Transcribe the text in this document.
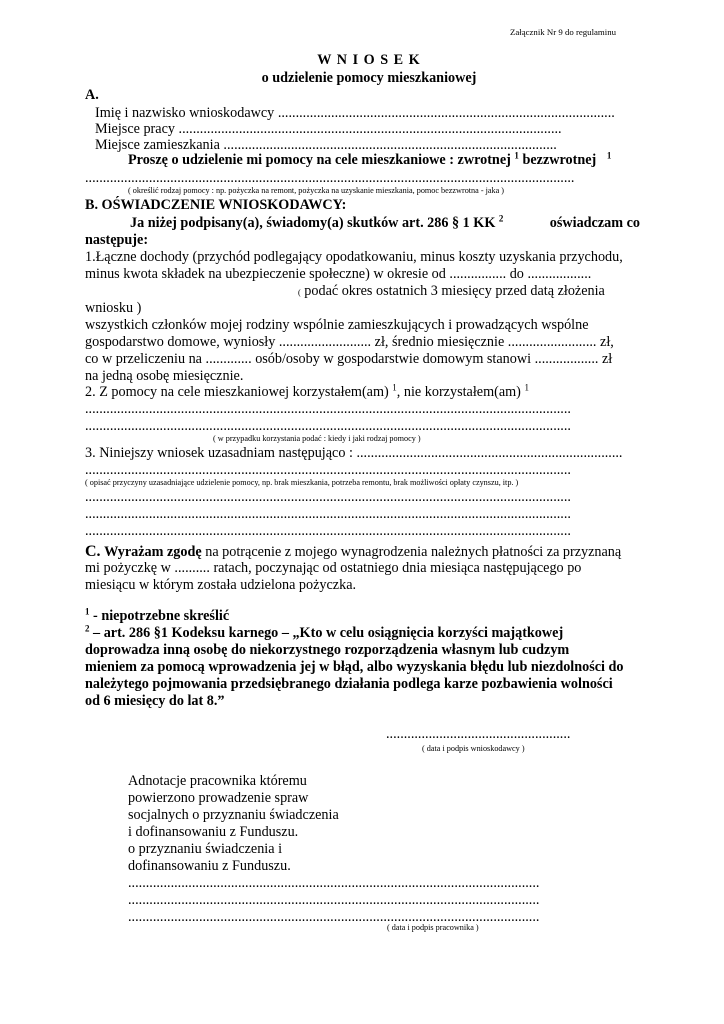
Załącznik Nr 9 do regulaminu
W N I O S E K
o udzielenie pomocy mieszkaniowej
A.
Imię i nazwisko wnioskodawcy ...............................................................................................
Miejsce pracy ............................................................................................................
Miejsce zamieszkania ..............................................................................................
Proszę o udzielenie mi pomocy na cele mieszkaniowe : zwrotnej $^1$ bezzwrotnej $^1$
..........................................................................................................................................
( określić rodzaj pomocy : np. pożyczka na remont, pożyczka na uzyskanie mieszkania, pomoc bezzwrotna - jaka )
B. OŚWIADCZENIE WNIOSKODAWCY:
Ja niżej podpisany(a), świadomy(a) skutków art. 286 § 1 KK $^2$	oświadczam co
następuje:
1.Łączne dochody (przychód podlegający opodatkowaniu, minus koszty uzyskania przychodu,
minus kwota składek na ubezpieczenie społeczne) w okresie od ................ do ..................
( podać okres ostatnich 3 miesięcy przed datą złożenia
wniosku )
wszystkich członków mojej rodziny wspólnie zamieszkujących i prowadzących wspólne
gospodarstwo domowe, wyniosły .......................... zł, średnio miesięcznie ......................... zł,
co w przeliczeniu na ............. osób/osoby w gospodarstwie domowym stanowi .................. zł
na jedną osobę miesięcznie.
2. Z pomocy na cele mieszkaniowej korzystałem(am) $^1$, nie korzystałem(am) $^1$
.........................................................................................................................................
.........................................................................................................................................
( w przypadku korzystania podać : kiedy i jaki rodzaj pomocy )
3. Niniejszy wniosek uzasadniam następująco : ...........................................................................
.........................................................................................................................................
( opisać przyczyny uzasadniające udzielenie pomocy, np. brak mieszkania, potrzeba remontu, brak możliwości opłaty czynszu, itp. )
.........................................................................................................................................
.........................................................................................................................................
.........................................................................................................................................
C. Wyrażam zgodę na potrącenie z mojego wynagrodzenia należnych płatności za przyznaną
mi pożyczkę w .......... ratach, poczynając od ostatniego dnia miesiąca następującego po
miesiącu w którym została udzielona pożyczka.
$^1$ - niepotrzebne skreślić
$^2$ – art. 286 §1 Kodeksu karnego – „Kto w celu osiągnięcia korzyści majątkowej
doprowadza inną osobę do niekorzystnego rozporządzenia własnym lub cudzym
mieniem za pomocą wprowadzenia jej w błąd, albo wyzyskania błędu lub niezdolności do
należytego pojmowania przedsiębranego działania podlega karze pozbawienia wolności
od 6 miesięcy do lat 8.”
....................................................
( data i podpis wnioskodawcy )
Adnotacje pracownika któremu
powierzono prowadzenie spraw
socjalnych o przyznaniu świadczenia
i dofinansowaniu z Funduszu.
o przyznaniu świadczenia i
dofinansowaniu z Funduszu.
....................................................................................................................
....................................................................................................................
....................................................................................................................
( data i podpis pracownika )
